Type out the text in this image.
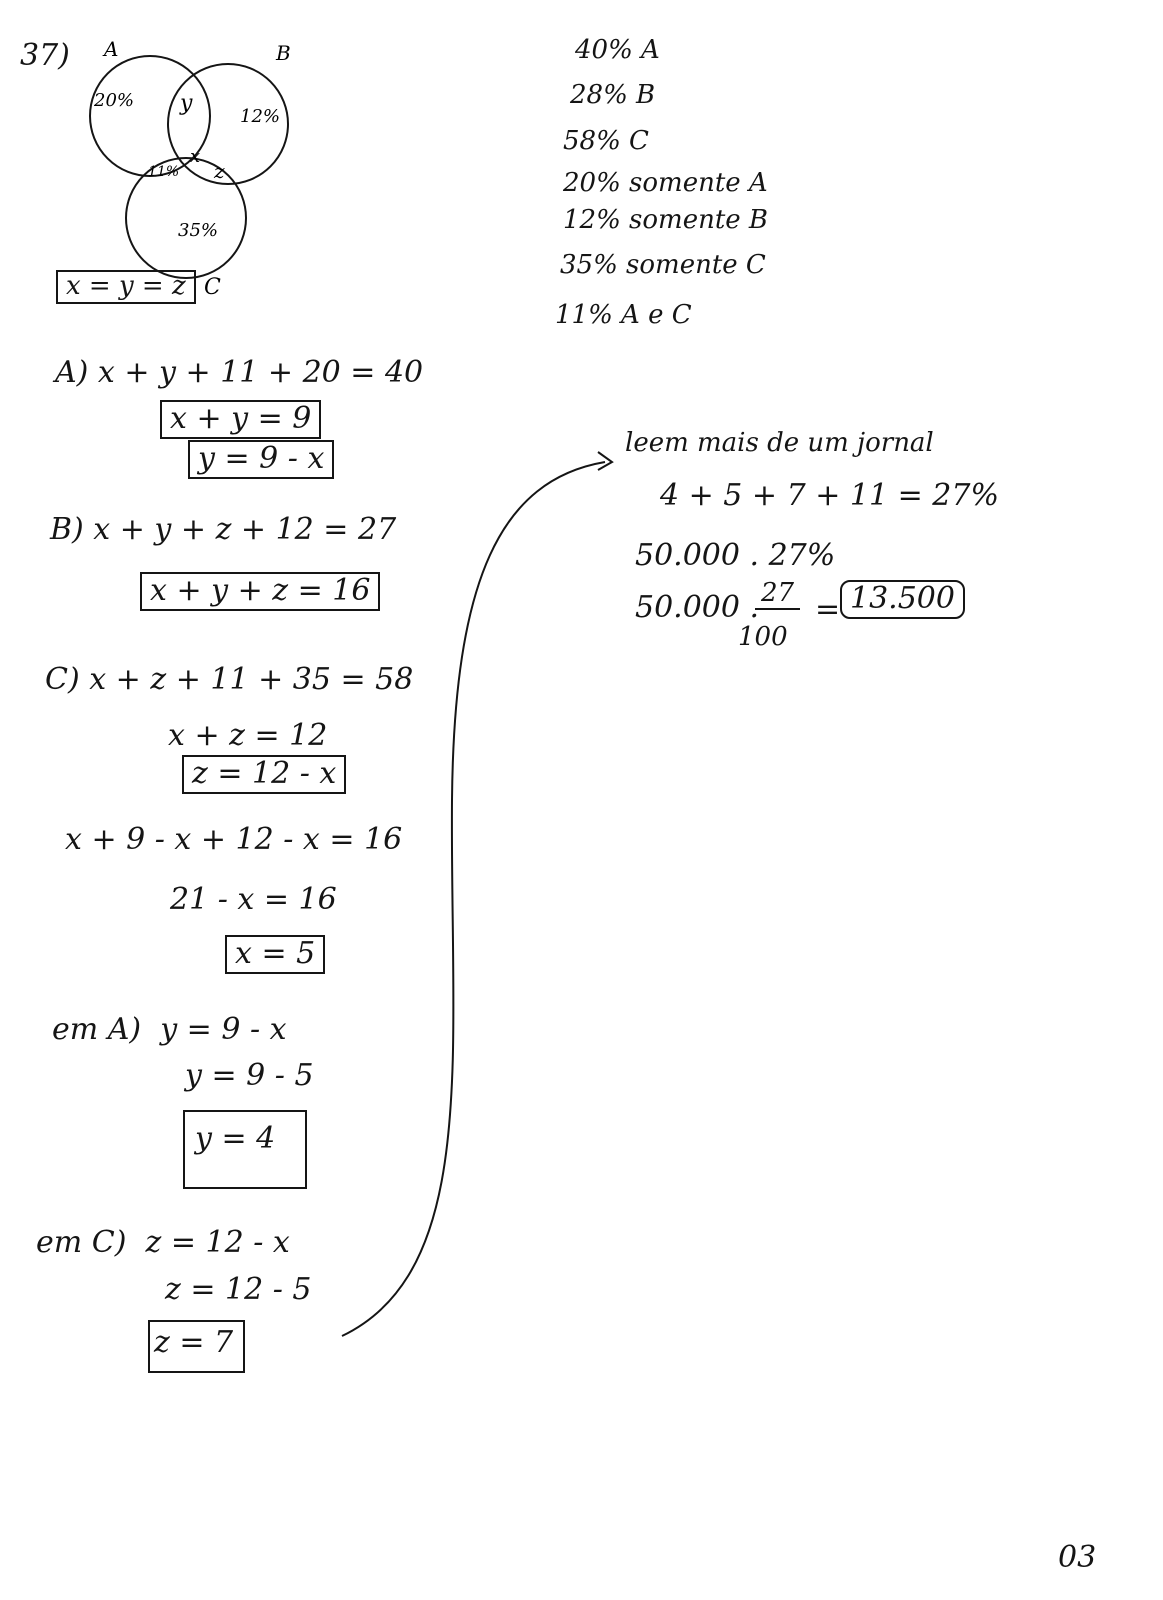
37) A	B
C
20% y
12%
11%
x
z
35%
x = y = z
40% A
28% B
58% C
20% somente A
12% somente B
35% somente C
11% A e C
A) x + y + 11 + 20 = 40
x + y = 9
y = 9 - x
B) x + y + z + 12 = 27
x + y + z = 16
C) x + z + 11 + 35 = 58
x + z = 12
z = 12 - x
x + 9 - x + 12 - x = 16
21 - x = 16
x = 5
em A) y = 9 - x
y = 9 - 5
y = 4
em C) z = 12 - x
z = 12 - 5
z = 7
leem mais de um jornal
4 + 5 + 7 + 11 = 27%
50.000 . 27%
50.000 . 27
100
= 13.500
03
